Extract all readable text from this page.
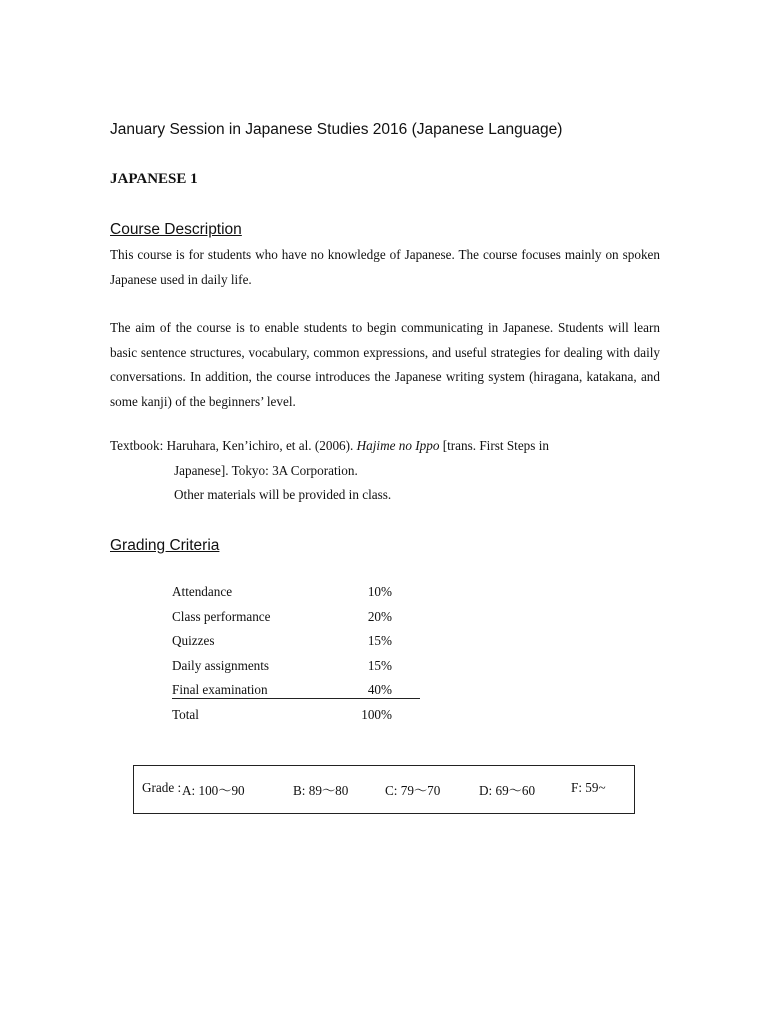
January Session in Japanese Studies 2016 (Japanese Language)
JAPANESE 1
Course Description
This course is for students who have no knowledge of Japanese. The course focuses mainly on spoken Japanese used in daily life.
The aim of the course is to enable students to begin communicating in Japanese. Students will learn basic sentence structures, vocabulary, common expressions, and useful strategies for dealing with daily conversations. In addition, the course introduces the Japanese writing system (hiragana, katakana, and some kanji) of the beginners’ level.
Textbook: Haruhara, Ken’ichiro, et al. (2006). Hajime no Ippo [trans. First Steps in
Japanese]. Tokyo: 3A Corporation.
Other materials will be provided in class.
Grading Criteria
Attendance	10%
Class performance	20%
Quizzes	15%
Daily assignments	15%
Final examination	40%
Total	100%
Grade : A: 100～90	B: 89～80	C: 79～70	D: 69～60	F: 59~
